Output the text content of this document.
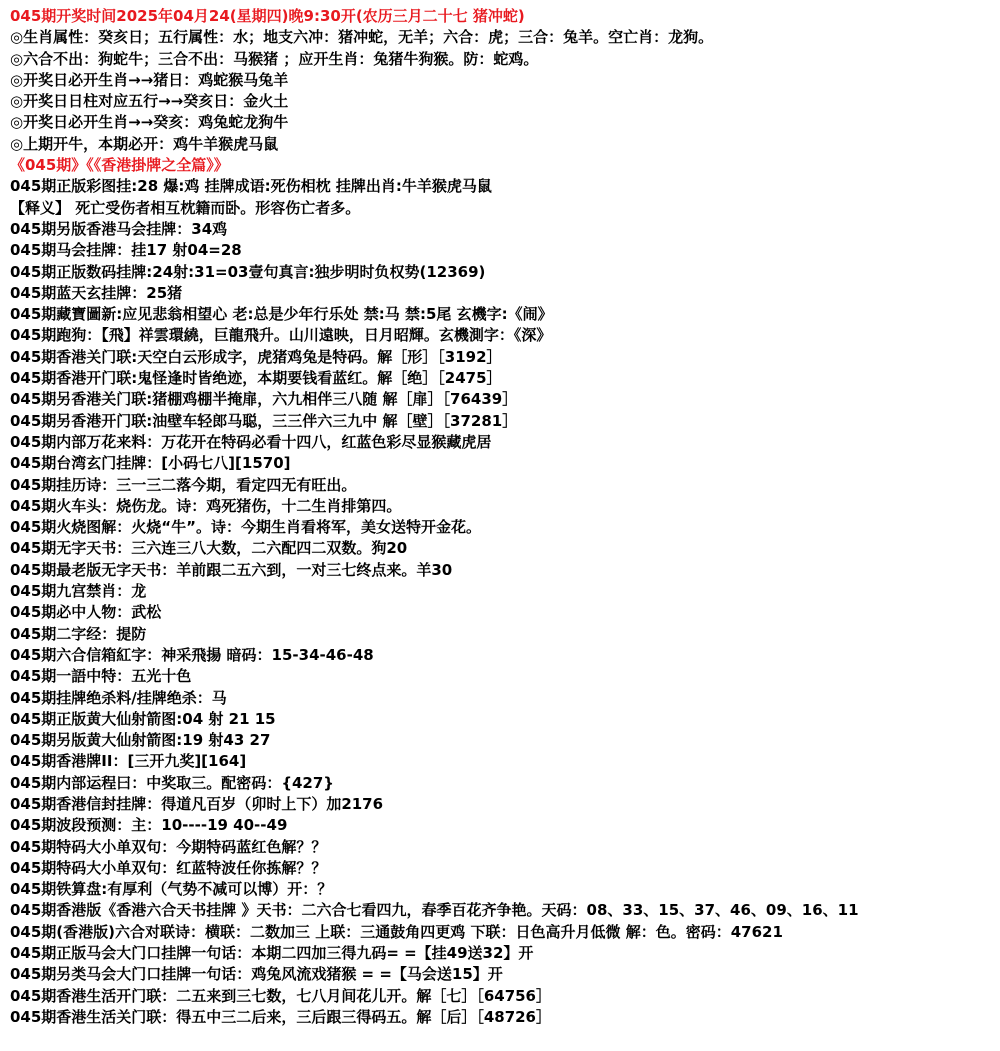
045期开奖时间2025年04月24(星期四)晚9:30开(农历三月二十七 猪冲蛇)
◎生肖属性：癸亥日；五行属性：水；地支六冲：猪冲蛇，无羊；六合：虎；三合：兔羊。空亡肖：龙狗。
◎六合不出：狗蛇牛；三合不出：马猴猪 ；应开生肖：兔猪牛狗猴。防：蛇鸡。
◎开奖日必开生肖→→猪日：鸡蛇猴马兔羊
◎开奖日日柱对应五行→→癸亥日：金火土
◎开奖日必开生肖→→癸亥：鸡兔蛇龙狗牛
◎上期开牛，本期必开：鸡牛羊猴虎马鼠
《045期》《《香港掛牌之全篇》》
045期正版彩图挂:28 爆:鸡 挂牌成语:死伤相枕 挂牌出肖:牛羊猴虎马鼠
【释义】 死亡受伤者相互枕籍而卧。形容伤亡者多。
045期另版香港马会挂牌：34鸡
045期马会挂牌：挂17 射04=28
045期正版数码挂牌:24射:31=03壹句真言:独步明时负权势(12369)
045期蓝天玄挂牌：25猪
045期藏寶圖新:应见悲翁相望心 老:总是少年行乐处 禁:马 禁:5尾 玄機字:《闹》
045期跑狗：【飛】祥雲環繞，巨龍飛升。山川遠映，日月昭輝。玄機測字：《深》
045期香港关门联:天空白云形成字，虎猪鸡兔是特码。解［形］［3192］
045期香港开门联:鬼怪逢时皆绝迹，本期要钱看蓝红。解［绝］［2475］
045期另香港关门联:猪棚鸡棚半掩扉，六九相伴三八随 解［扉］［76439］
045期另香港开门联:油壁车轻郎马聪，三三伴六三九中 解［壁］［37281］
045期内部万花来料：万花开在特码必看十四八，红蓝色彩尽显猴藏虎居
045期台湾玄门挂牌：[小码七八][1570]
045期挂历诗：三一三二落今期，看定四无有旺出。
045期火车头：烧伤龙。诗：鸡死猪伤，十二生肖排第四。
045期火烧图解：火烧“牛”。诗：今期生肖看将军，美女送特开金花。
045期无字天书：三六连三八大数，二六配四二双数。狗20
045期最老版无字天书：羊前跟二五六到，一对三七终点来。羊30
045期九宫禁肖：龙
045期必中人物：武松
045期二字经：提防
045期六合信箱紅字：神采飛揚 暗码：15-34-46-48
045期一語中特：五光十色
045期挂牌绝杀料/挂牌绝杀：马
045期正版黄大仙射箭图:04 射 21 15
045期另版黄大仙射箭图:19 射43 27
045期香港牌II：[三开九奖][164]
045期内部运程曰：中奖取三。配密码：{427}
045期香港信封挂牌：得道凡百岁（卯时上下）加2176
045期波段预测：主：10----19 40--49
045期特码大小单双句：今期特码蓝红色解？？
045期特码大小单双句：红蓝特波任你拣解？？
045期铁算盘:有厚利（气势不减可以博）开：？
045期香港版《香港六合天书挂牌 》天书：二六合七看四九，春季百花齐争艳。天码：08、33、15、37、46、09、16、11
045期(香港版)六合对联诗：横联：二数加三 上联：三通鼓角四更鸡 下联：日色高升月低微 解：色。密码：47621
045期正版马会大门口挂牌一句话：本期二四加三得九码= =【挂49送32】开
045期另类马会大门口挂牌一句话：鸡兔风流戏猪猴 = =【马会送15】开
045期香港生活开门联：二五来到三七数，七八月间花儿开。解［七］［64756］
045期香港生活关门联：得五中三二后来，三后跟三得码五。解［后］［48726］
